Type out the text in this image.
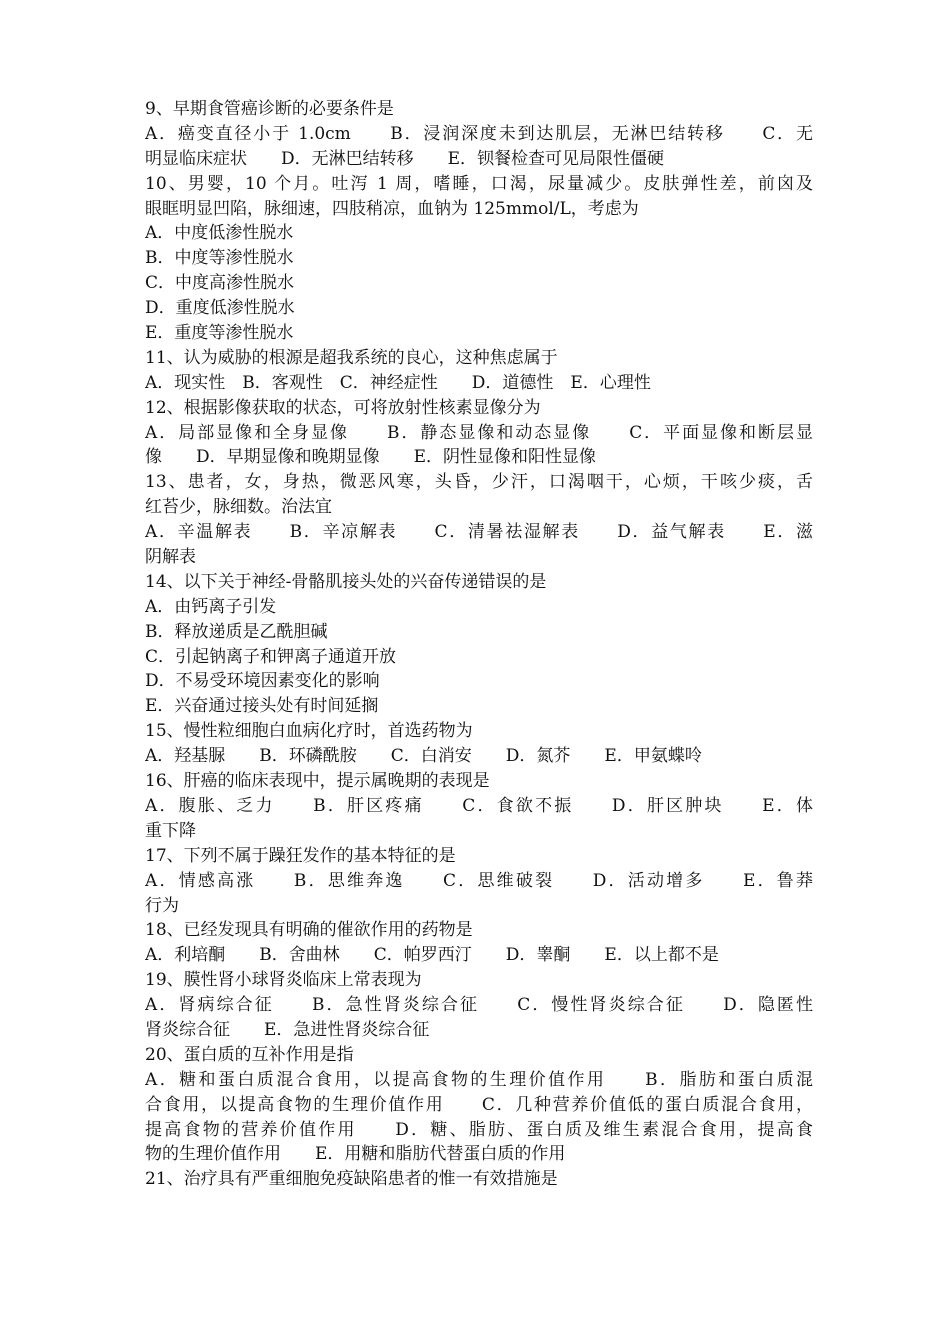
9、早期食管癌诊断的必要条件是
A．癌变直径小于 1.0cm　　B．浸润深度未到达肌层，无淋巴结转移　　C．无
明显临床症状　　D．无淋巴结转移　　E．钡餐检查可见局限性僵硬
10、男婴，10 个月。吐泻 1 周，嗜睡，口渴，尿量减少。皮肤弹性差，前囟及
眼眶明显凹陷，脉细速，四肢稍凉，血钠为 125mmol/L，考虑为
A．中度低渗性脱水
B．中度等渗性脱水
C．中度高渗性脱水
D．重度低渗性脱水
E．重度等渗性脱水
11、认为威胁的根源是超我系统的良心，这种焦虑属于
A．现实性　B．客观性　C．神经症性　　D．道德性　E．心理性
12、根据影像获取的状态，可将放射性核素显像分为
A．局部显像和全身显像　　B．静态显像和动态显像　　C．平面显像和断层显
像　　D．早期显像和晚期显像　　E．阴性显像和阳性显像
13、患者，女，身热，微恶风寒，头昏，少汗，口渴咽干，心烦，干咳少痰，舌
红苔少，脉细数。治法宜
A．辛温解表　　B．辛凉解表　　C．清暑祛湿解表　　D．益气解表　　E．滋
阴解表
14、以下关于神经-骨骼肌接头处的兴奋传递错误的是
A．由钙离子引发
B．释放递质是乙酰胆碱
C．引起钠离子和钾离子通道开放
D．不易受环境因素变化的影响
E．兴奋通过接头处有时间延搁
15、慢性粒细胞白血病化疗时，首选药物为
A．羟基脲　　B．环磷酰胺　　C．白消安　　D．氮芥　　E．甲氨蝶呤
16、肝癌的临床表现中，提示属晚期的表现是
A．腹胀、乏力　　B．肝区疼痛　　C．食欲不振　　D．肝区肿块　　E．体
重下降
17、下列不属于躁狂发作的基本特征的是
A．情感高涨　　B．思维奔逸　　C．思维破裂　　D．活动增多　　E．鲁莽
行为
18、已经发现具有明确的催欲作用的药物是
A．利培酮　　B．舍曲林　　C．帕罗西汀　　D．睾酮　　E．以上都不是
19、膜性肾小球肾炎临床上常表现为
A．肾病综合征　　B．急性肾炎综合征　　C．慢性肾炎综合征　　D．隐匿性
肾炎综合征　　E．急进性肾炎综合征
20、蛋白质的互补作用是指
A．糖和蛋白质混合食用，以提高食物的生理价值作用　　B．脂肪和蛋白质混
合食用，以提高食物的生理价值作用　　C．几种营养价值低的蛋白质混合食用，
提高食物的营养价值作用　　D．糖、脂肪、蛋白质及维生素混合食用，提高食
物的生理价值作用　　E．用糖和脂肪代替蛋白质的作用
21、治疗具有严重细胞免疫缺陷患者的惟一有效措施是
